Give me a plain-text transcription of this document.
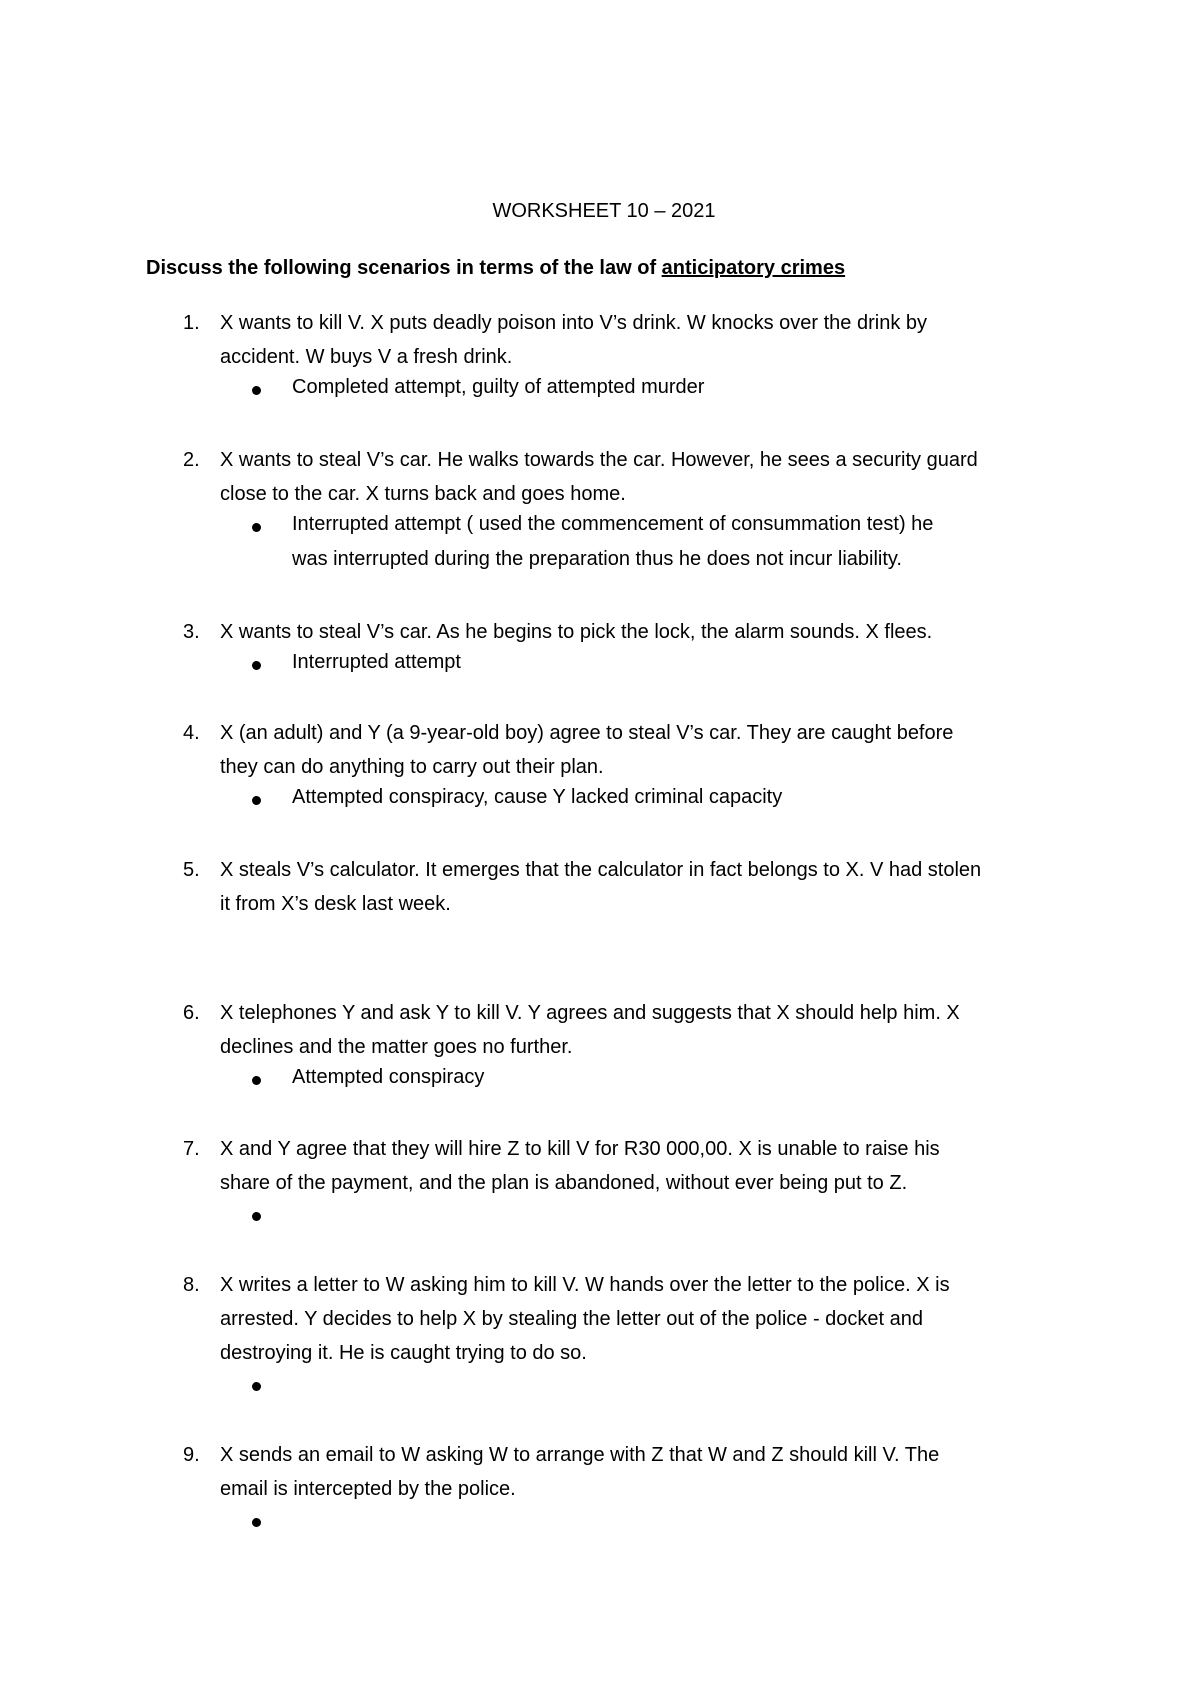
WORKSHEET 10 – 2021
Discuss the following scenarios in terms of the law of anticipatory crimes
1. X wants to kill V. X puts deadly poison into V’s drink. W knocks over the drink by
accident. W buys V a fresh drink.
Completed attempt, guilty of attempted murder
2. X wants to steal V’s car. He walks towards the car. However, he sees a security guard
close to the car. X turns back and goes home.
Interrupted attempt ( used the commencement of consummation test) he
was interrupted during the preparation thus he does not incur liability.
3. X wants to steal V’s car. As he begins to pick the lock, the alarm sounds. X flees.
Interrupted attempt
4. X (an adult) and Y (a 9-year-old boy) agree to steal V’s car. They are caught before
they can do anything to carry out their plan.
Attempted conspiracy, cause Y lacked criminal capacity
5. X steals V’s calculator. It emerges that the calculator in fact belongs to X. V had stolen
it from X’s desk last week.
6. X telephones Y and ask Y to kill V. Y agrees and suggests that X should help him. X
declines and the matter goes no further.
Attempted conspiracy
7. X and Y agree that they will hire Z to kill V for R30 000,00. X is unable to raise his
share of the payment, and the plan is abandoned, without ever being put to Z.
8. X writes a letter to W asking him to kill V. W hands over the letter to the police. X is
arrested. Y decides to help X by stealing the letter out of the police - docket and
destroying it. He is caught trying to do so.
9. X sends an email to W asking W to arrange with Z that W and Z should kill V. The
email is intercepted by the police.
